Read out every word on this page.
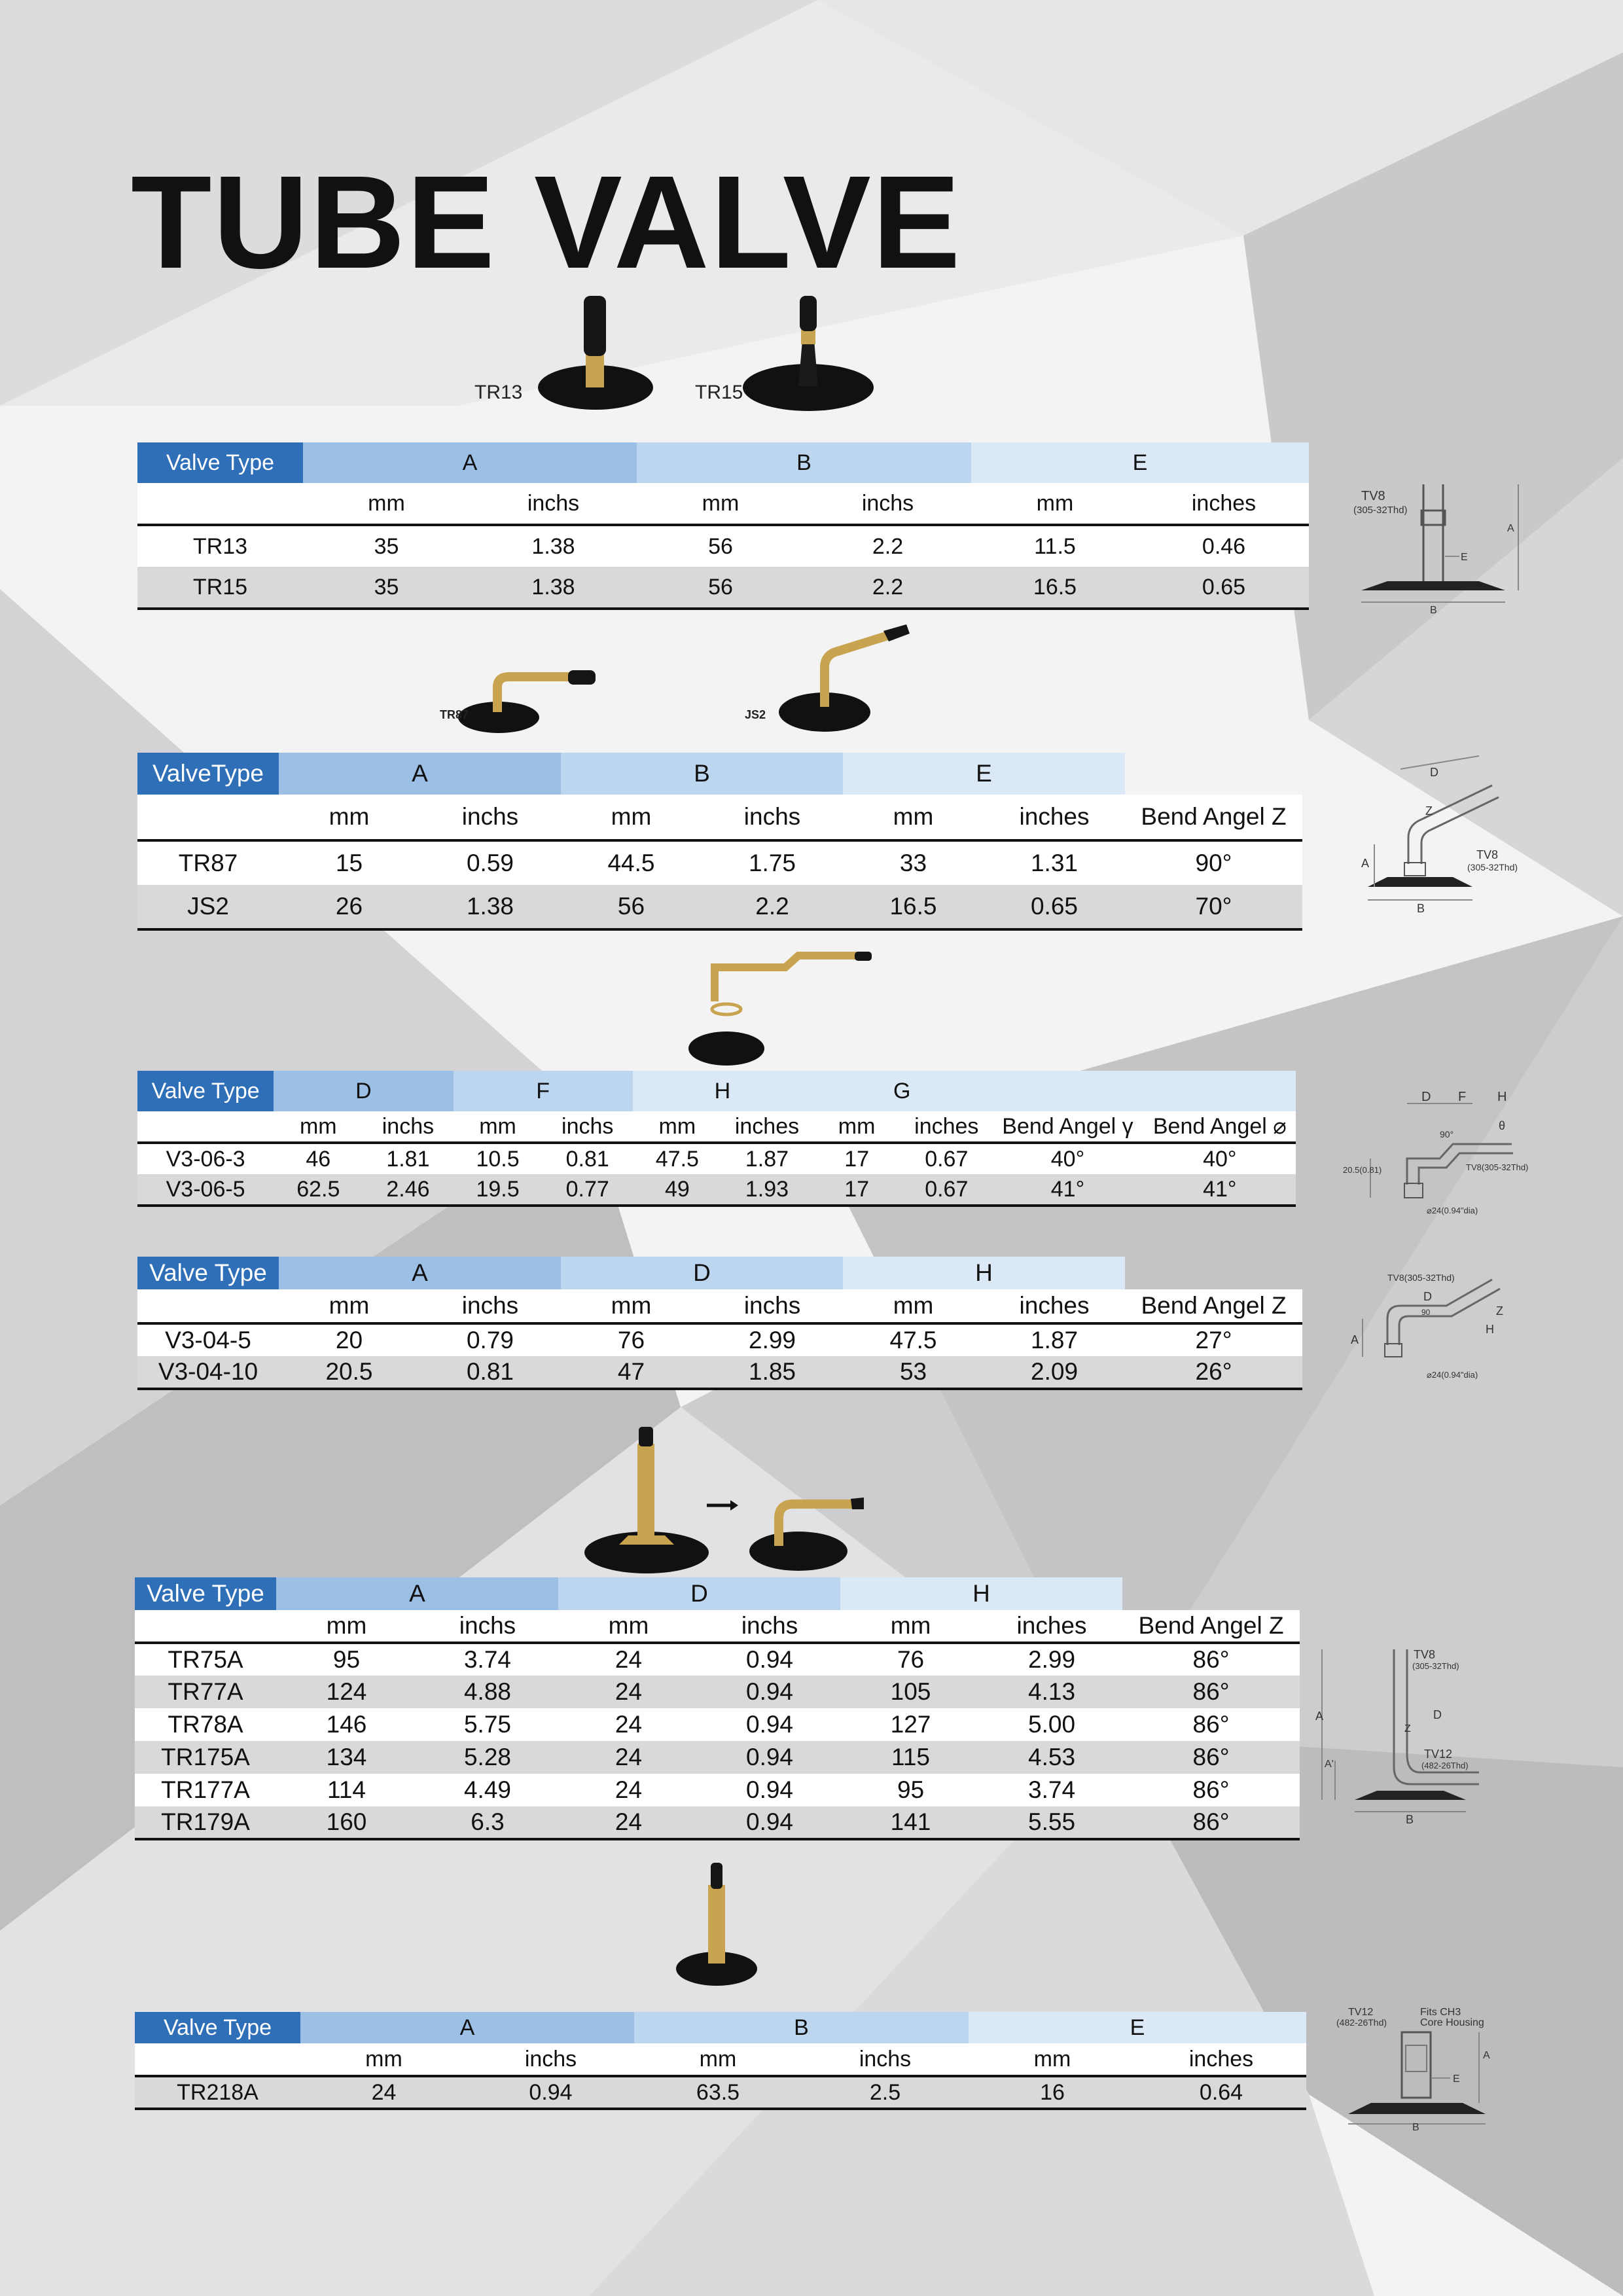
TUBE VALVE
TR13	TR15
Valve Type	A		B		E	
	mm	inchs	mm	inchs	mm	inches
TR13	35	1.38	56	2.2	11.5	0.46
TR15	35	1.38	56	2.2	16.5	0.65
TV8
(305-32Thd)
A
E
B
TR87	JS2
ValveType	A		B		E		
	mm	inchs	mm	inchs	mm	inches	Bend Angel Z
TR87	15	0.59	44.5	1.75	33	1.31	90°
JS2	26	1.38	56	2.2	16.5	0.65	70°
D
Z
A
TV8
(305-32Thd)
B
Valve Type	D		F		H		G			
	mm	inchs	mm	inchs	mm	inches	mm	inches	Bend Angel γ	Bend Angel ⌀
V3-06-3	46	1.81	10.5	0.81	47.5	1.87	17	0.67	40°	40°
V3-06-5	62.5	2.46	19.5	0.77	49	1.93	17	0.67	41°	41°
D F H
90°
θ
TV8(305-32Thd)
20.5(0.81)
⌀24(0.94"dia)
Valve Type	A		D		H		
	mm	inchs	mm	inchs	mm	inches	Bend Angel Z
V3-04-5	20	0.79	76	2.99	47.5	1.87	27°
V3-04-10	20.5	0.81	47	1.85	53	2.09	26°
TV8(305-32Thd)
D
90	Z
H
A
⌀24(0.94"dia)
Valve Type	A		D		H		
	mm	inchs	mm	inchs	mm	inches	Bend Angel Z
TR75A	95	3.74	24	0.94	76	2.99	86°
TR77A	124	4.88	24	0.94	105	4.13	86°
TR78A	146	5.75	24	0.94	127	5.00	86°
TR175A	134	5.28	24	0.94	115	4.53	86°
TR177A	114	4.49	24	0.94	95	3.74	86°
TR179A	160	6.3	24	0.94	141	5.55	86°
TV8
(305-32Thd)
A	D
Z
TV12
(482-26Thd)
A'
B
Valve Type	A		B		E	
	mm	inchs	mm	inchs	mm	inches
TR218A	24	0.94	63.5	2.5	16	0.64
TV12
(482-26Thd)
Fits CH3
Core Housing
A
E
B
